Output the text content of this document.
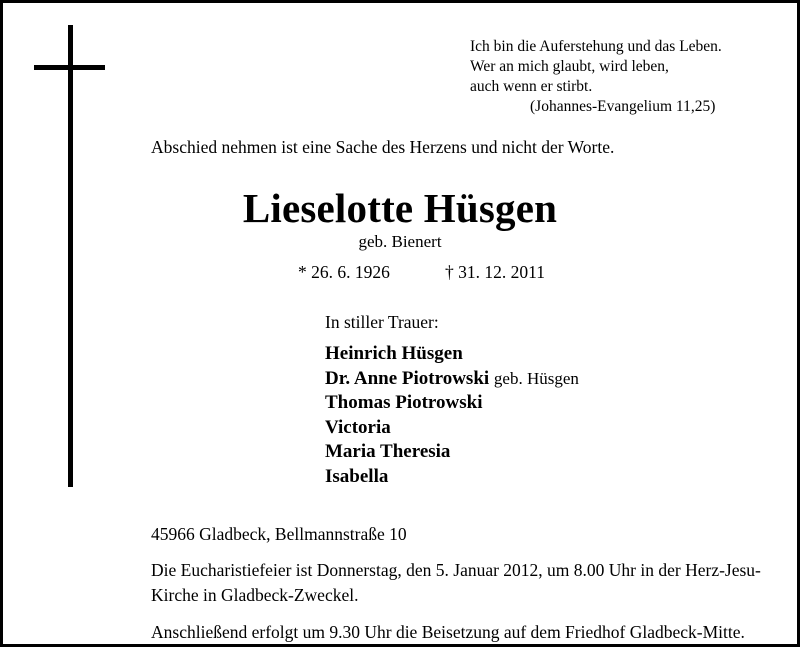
Ich bin die Auferstehung und das Leben.
Wer an mich glaubt, wird leben,
auch wenn er stirbt.
(Johannes-Evangelium 11,25)
Abschied nehmen ist eine Sache des Herzens und nicht der Worte.
Lieselotte Hüsgen
geb. Bienert
* 26. 6. 1926	† 31. 12. 2011
In stiller Trauer:
Heinrich Hüsgen
Dr. Anne Piotrowski geb. Hüsgen
Thomas Piotrowski
Victoria
Maria Theresia
Isabella
45966 Gladbeck, Bellmannstraße 10
Die Eucharistiefeier ist Donnerstag, den 5. Januar 2012, um 8.00 Uhr in der Herz-Jesu-Kirche in Gladbeck-Zweckel.
Anschließend erfolgt um 9.30 Uhr die Beisetzung auf dem Friedhof Gladbeck-Mitte.
